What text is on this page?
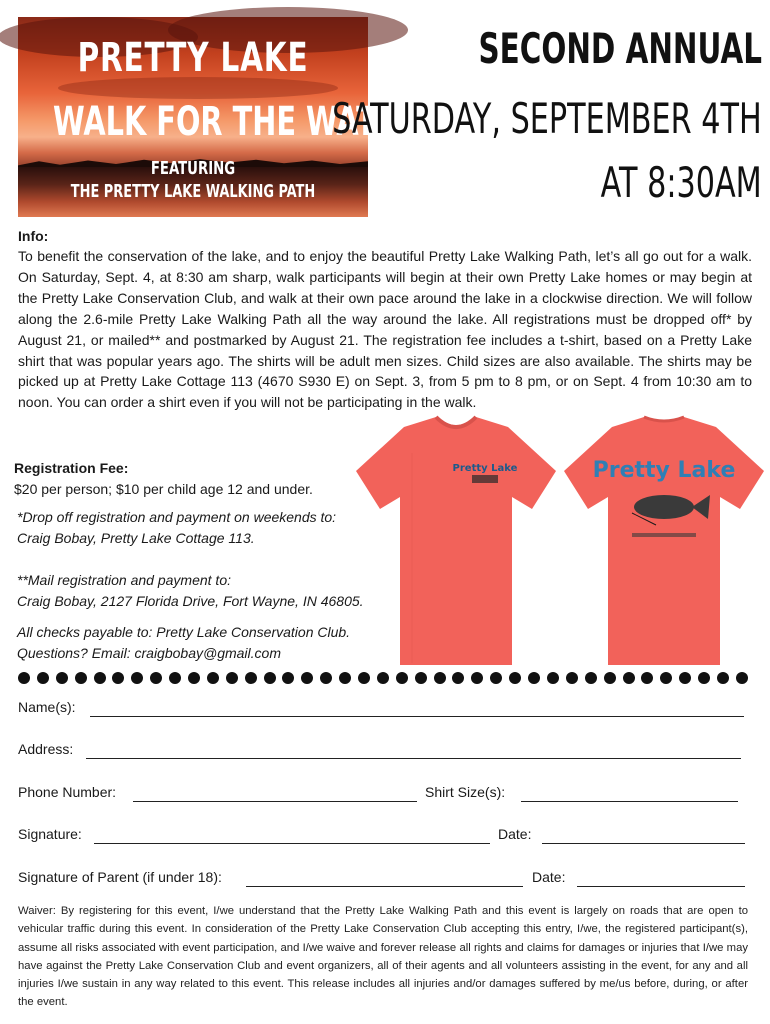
PRETTY LAKE
WALK FOR THE WATER
FEATURING
THE PRETTY LAKE WALKING PATH
SECOND ANNUAL
SATURDAY, SEPTEMBER 4TH
AT 8:30AM
Info:
To benefit the conservation of the lake, and to enjoy the beautiful Pretty Lake Walking Path, let’s all go out for a walk. On Saturday, Sept. 4, at 8:30 am sharp, walk participants will begin at their own Pretty Lake homes or may begin at the Pretty Lake Conservation Club, and walk at their own pace around the lake in a clockwise direction. We will follow along the 2.6-mile Pretty Lake Walking Path all the way around the lake. All registrations must be dropped off* by August 21, or mailed** and postmarked by August 21. The registration fee includes a t-shirt, based on a Pretty Lake shirt that was popular years ago. The shirts will be adult men sizes. Child sizes are also available. The shirts may be picked up at Pretty Lake Cottage 113 (4670 S930 E) on Sept. 3, from 5 pm to 8 pm, or on Sept. 4 from 10:30 am to noon. You can order a shirt even if you will not be participating in the walk.
Registration Fee:
$20 per person; $10 per child age 12 and under.
*Drop off registration and payment on weekends to:
Craig Bobay, Pretty Lake Cottage 113.
**Mail registration and payment to:
Craig Bobay, 2127 Florida Drive, Fort Wayne, IN 46805.
All checks payable to: Pretty Lake Conservation Club.
Questions? Email: craigbobay@gmail.com
Pretty Lake	Pretty Lake
Name(s):
Address:
Phone Number:	Shirt Size(s):
Signature:	Date:
Signature of Parent (if under 18):	Date:
Waiver: By registering for this event, I/we understand that the Pretty Lake Walking Path and this event is largely on roads that are open to vehicular traffic during this event. In consideration of the Pretty Lake Conservation Club accepting this entry, I/we, the registered participant(s), assume all risks associated with event participation, and I/we waive and forever release all rights and claims for damages or injuries that I/we may have against the Pretty Lake Conservation Club and event organizers, all of their agents and all volunteers assisting in the event, for any and all injuries I/we sustain in any way related to this event. This release includes all injuries and/or damages suffered by me/us before, during, or after the event.
